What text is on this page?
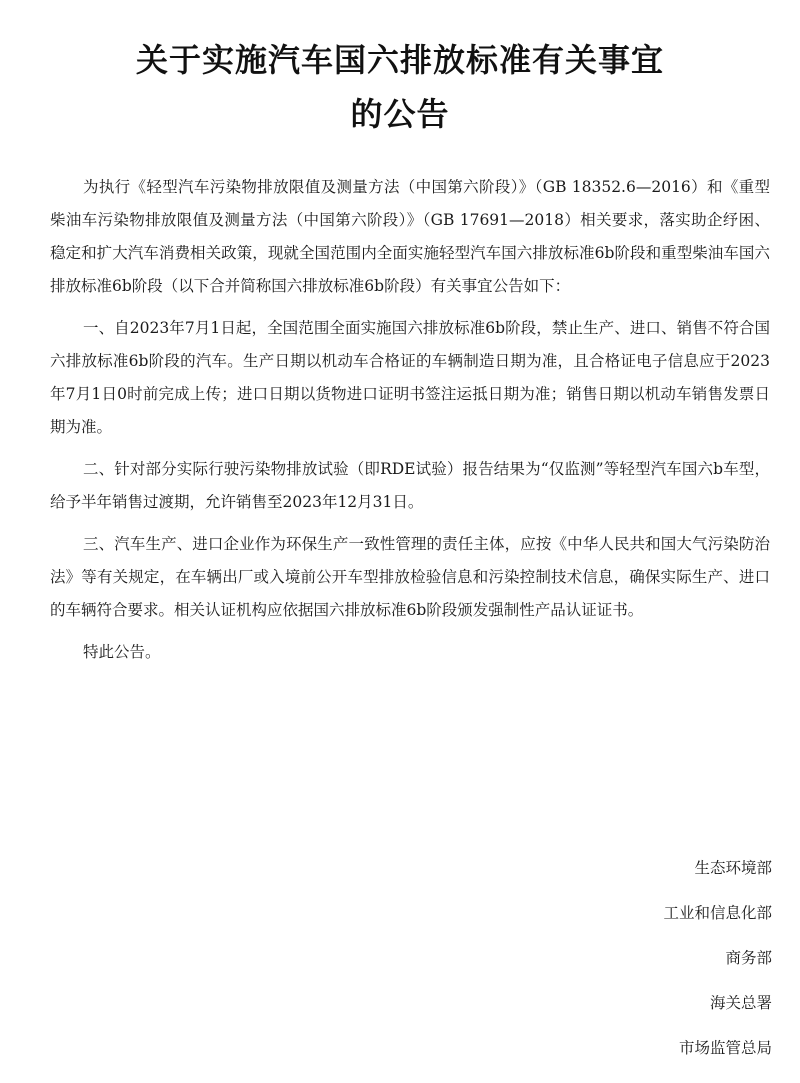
关于实施汽车国六排放标准有关事宜
的公告

为执行《轻型汽车污染物排放限值及测量方法（中国第六阶段）》（GB 18352.6—2016）和《重型柴油车污染物排放限值及测量方法（中国第六阶段）》（GB 17691—2018）相关要求，落实助企纾困、稳定和扩大汽车消费相关政策，现就全国范围内全面实施轻型汽车国六排放标准6b阶段和重型柴油车国六排放标准6b阶段（以下合并简称国六排放标准6b阶段）有关事宜公告如下：

一、自2023年7月1日起，全国范围全面实施国六排放标准6b阶段，禁止生产、进口、销售不符合国六排放标准6b阶段的汽车。生产日期以机动车合格证的车辆制造日期为准，且合格证电子信息应于2023年7月1日0时前完成上传；进口日期以货物进口证明书签注运抵日期为准；销售日期以机动车销售发票日期为准。

二、针对部分实际行驶污染物排放试验（即RDE试验）报告结果为“仅监测”等轻型汽车国六b车型，给予半年销售过渡期，允许销售至2023年12月31日。

三、汽车生产、进口企业作为环保生产一致性管理的责任主体，应按《中华人民共和国大气污染防治法》等有关规定，在车辆出厂或入境前公开车型排放检验信息和污染控制技术信息，确保实际生产、进口的车辆符合要求。相关认证机构应依据国六排放标准6b阶段颁发强制性产品认证证书。

特此公告。

生态环境部
工业和信息化部
商务部
海关总署
市场监管总局
